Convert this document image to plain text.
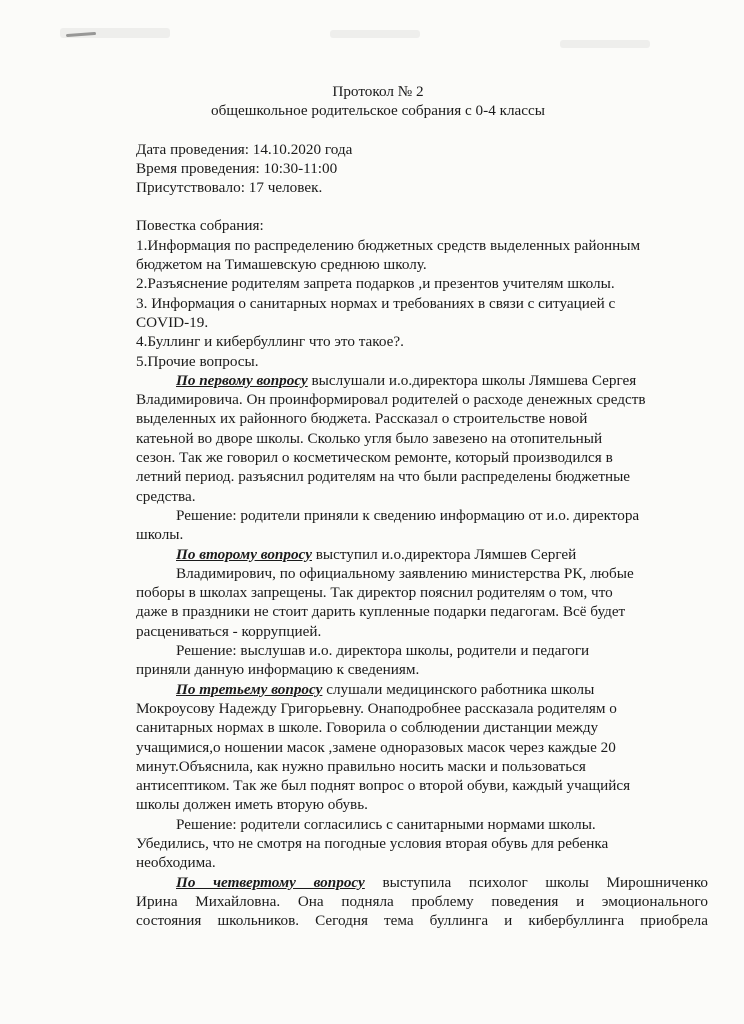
Протокол № 2
общешкольное родительское собрания с 0-4 классы
Дата проведения: 14.10.2020 года
Время проведения: 10:30-11:00
Присутствовало: 17 человек.
Повестка собрания:
1.Информация по распределению бюджетных средств выделенных районным
бюджетом на Тимашевскую среднюю школу.
2.Разъяснение родителям запрета подарков ,и презентов учителям школы.
3. Информация о санитарных нормах и требованиях в связи с ситуацией с
COVID-19.
4.Буллинг и кибербуллинг что это такое?.
5.Прочие вопросы.
По первому вопросу выслушали и.о.директора школы Лямшева Сергея
Владимировича. Он проинформировал родителей о расходе денежных средств
выделенных их районного бюджета. Рассказал о строительстве новой
катеьной во дворе школы. Сколько угля было завезено на отопительный
сезон. Так же говорил о косметическом ремонте, который производился в
летний период. разъяснил родителям на что были распределены бюджетные
средства.
Решение: родители приняли к сведению информацию от и.о. директора
школы.
По второму вопросу выступил и.о.директора Лямшев Сергей
Владимирович, по официальному заявлению министерства РК, любые
поборы в школах запрещены. Так директор пояснил родителям о том, что
даже в праздники не стоит дарить купленные подарки педагогам. Всё будет
расцениваться - коррупцией.
Решение: выслушав и.о. директора школы, родители и педагоги
приняли данную информацию к сведениям.
По третьему вопросу слушали медицинского работника школы
Мокроусову Надежду Григорьевну. Онаподробнее рассказала родителям о
санитарных нормах в школе. Говорила о соблюдении дистанции между
учащимися,о ношении масок ,замене одноразовых масок через каждые 20
минут.Объяснила, как нужно правильно носить маски и пользоваться
антисептиком. Так же был поднят вопрос о второй обуви, каждый учащийся
школы должен иметь вторую обувь.
Решение: родители согласились с санитарными нормами школы.
Убедились, что не смотря на погодные условия вторая обувь для ребенка
необходима.
По четвертому вопросу выступила психолог школы Мирошниченко
Ирина Михайловна. Она подняла проблему поведения и эмоционального
состояния школьников. Сегодня тема буллинга и кибербуллинга приобрела
